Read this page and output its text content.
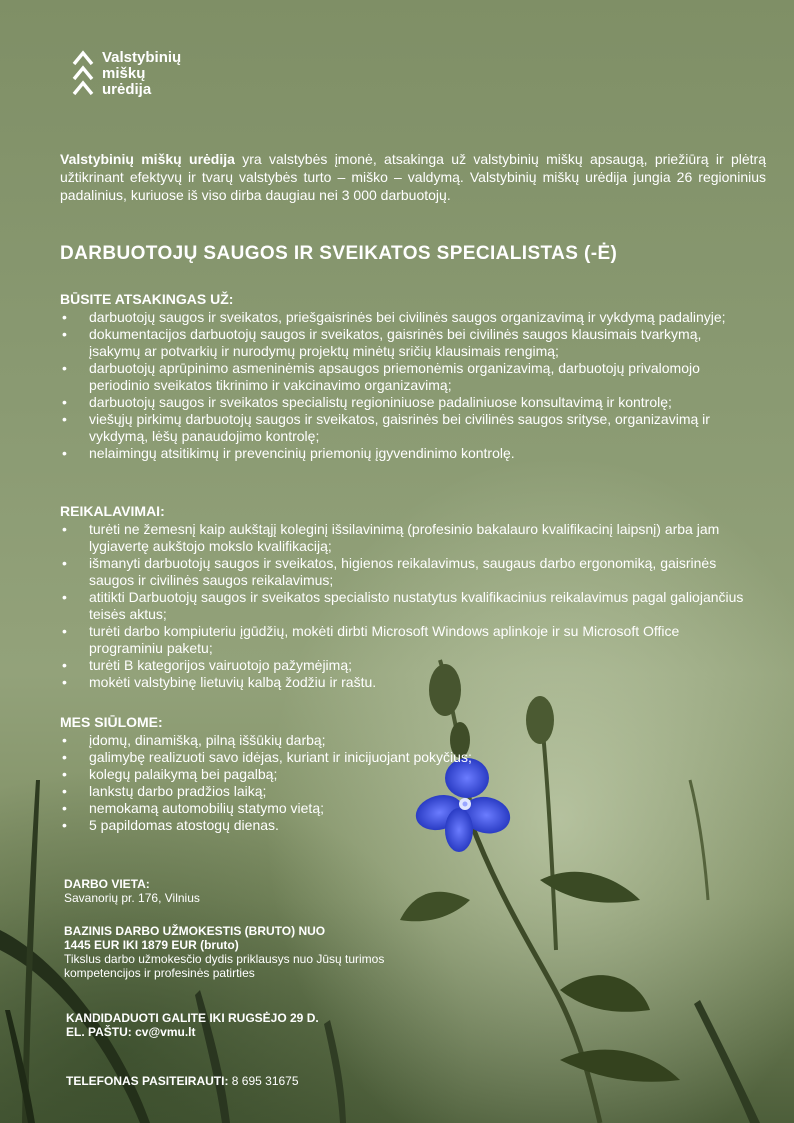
Valstybinių
miškų
urėdija
Valstybinių miškų urėdija yra valstybės įmonė, atsakinga už valstybinių miškų apsaugą, priežiūrą ir plėtrą užtikrinant efektyvų ir tvarų valstybės turto – miško – valdymą. Valstybinių miškų urėdija jungia 26 regioninius padalinius, kuriuose iš viso dirba daugiau nei 3 000 darbuotojų.
DARBUOTOJŲ SAUGOS IR SVEIKATOS SPECIALISTAS (-Ė)
BŪSITE ATSAKINGAS UŽ:
• darbuotojų saugos ir sveikatos, priešgaisrinės bei civilinės saugos organizavimą ir vykdymą padalinyje;
• dokumentacijos darbuotojų saugos ir sveikatos, gaisrinės bei civilinės saugos klausimais tvarkymą, įsakymų ar potvarkių ir nurodymų projektų minėtų sričių klausimais rengimą;
• darbuotojų aprūpinimo asmeninėmis apsaugos priemonėmis organizavimą, darbuotojų privalomojo periodinio sveikatos tikrinimo ir vakcinavimo organizavimą;
• darbuotojų saugos ir sveikatos specialistų regioniniuose padaliniuose konsultavimą ir kontrolę;
• viešųjų pirkimų darbuotojų saugos ir sveikatos, gaisrinės bei civilinės saugos srityse, organizavimą ir vykdymą, lėšų panaudojimo kontrolę;
• nelaimingų atsitikimų ir prevencinių priemonių įgyvendinimo kontrolę.
REIKALAVIMAI:
• turėti ne žemesnį kaip aukštąjį koleginį išsilavinimą (profesinio bakalauro kvalifikacinį laipsnį) arba jam lygiavertę aukštojo mokslo kvalifikaciją;
• išmanyti darbuotojų saugos ir sveikatos, higienos reikalavimus, saugaus darbo ergonomiką, gaisrinės saugos ir civilinės saugos reikalavimus;
• atitikti Darbuotojų saugos ir sveikatos specialisto nustatytus kvalifikacinius reikalavimus pagal galiojančius teisės aktus;
• turėti darbo kompiuteriu įgūdžių, mokėti dirbti Microsoft Windows aplinkoje ir su Microsoft Office programiniu paketu;
• turėti B kategorijos vairuotojo pažymėjimą;
• mokėti valstybinę lietuvių kalbą žodžiu ir raštu.
MES SIŪLOME:
• įdomų, dinamišką, pilną iššūkių darbą;
• galimybę realizuoti savo idėjas, kuriant ir inicijuojant pokyčius;
• kolegų palaikymą bei pagalbą;
• lankstų darbo pradžios laiką;
• nemokamą automobilių statymo vietą;
• 5 papildomas atostogų dienas.
DARBO VIETA:
Savanorių pr. 176, Vilnius
BAZINIS DARBO UŽMOKESTIS (BRUTO) NUO
1445 EUR IKI 1879 EUR (bruto)
Tikslus darbo užmokesčio dydis priklausys nuo Jūsų turimos kompetencijos ir profesinės patirties
KANDIDADUOTI GALITE IKI RUGSĖJO 29 D.
EL. PAŠTU: cv@vmu.lt
TELEFONAS PASITEIRAUTI: 8 695 31675
